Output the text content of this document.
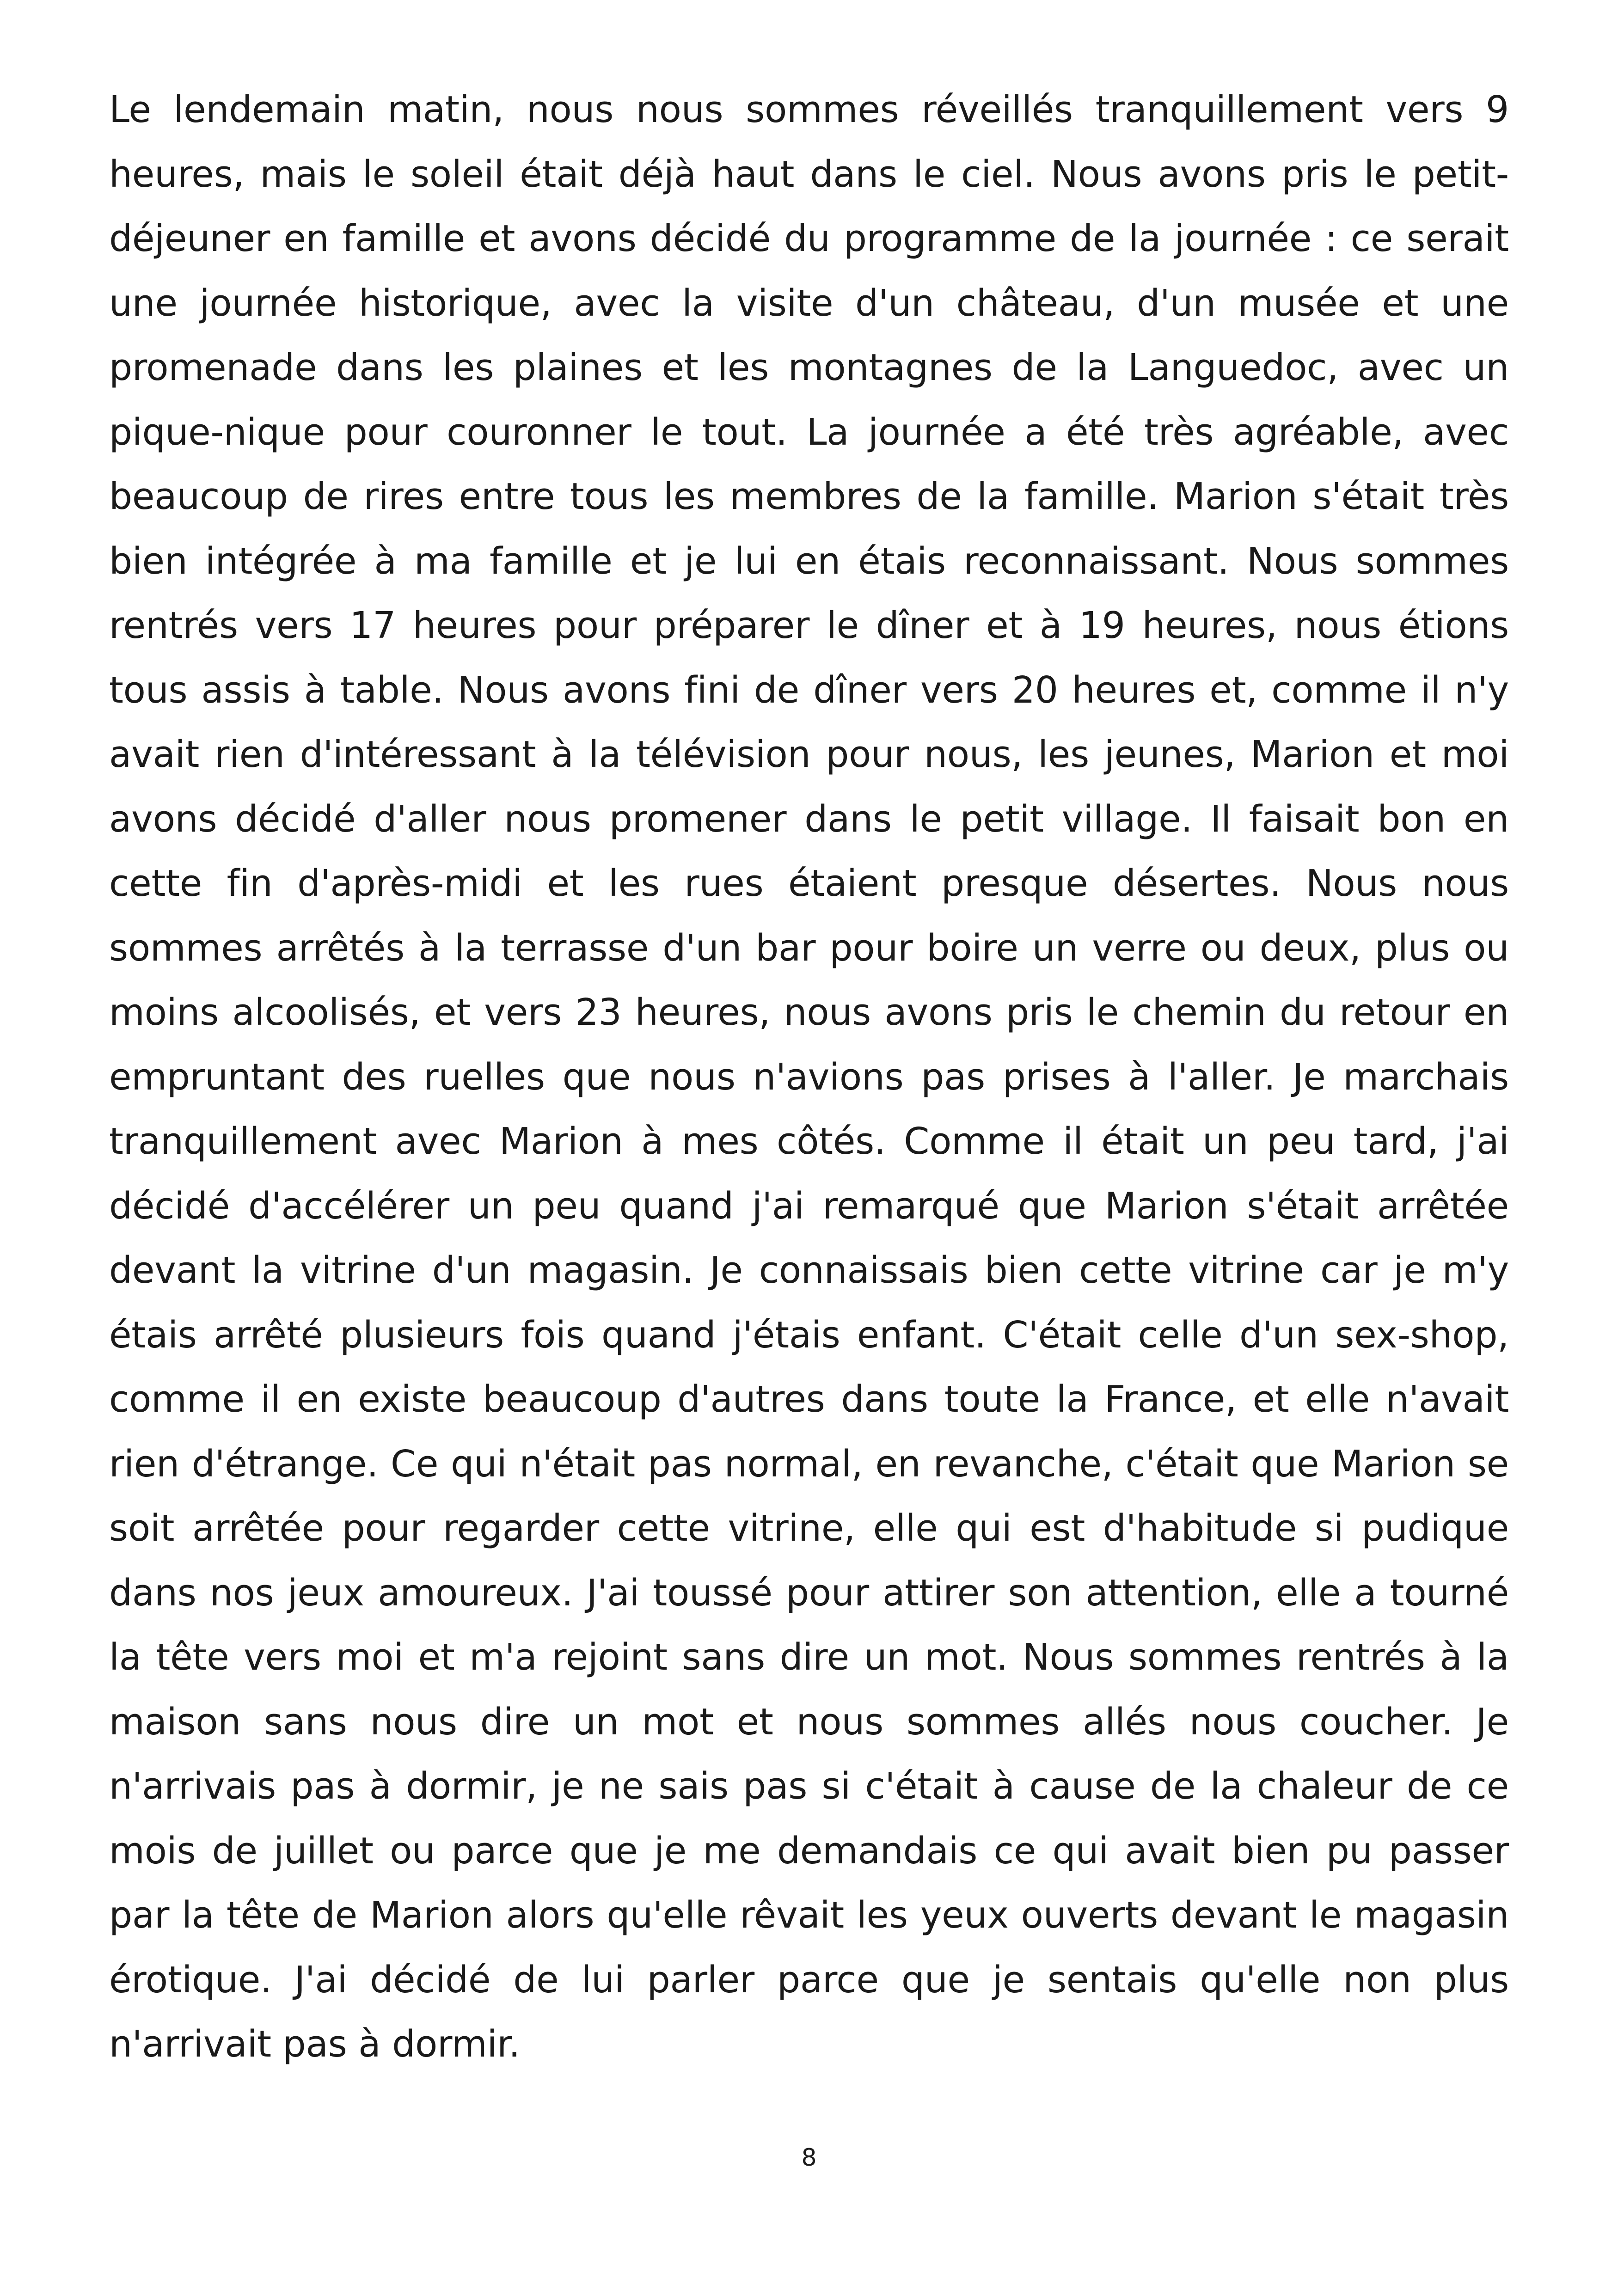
Le lendemain matin, nous nous sommes réveillés tranquillement vers 9 heures, mais le soleil était déjà haut dans le ciel. Nous avons pris le petit-déjeuner en famille et avons décidé du programme de la journée : ce serait une journée historique, avec la visite d'un château, d'un musée et une promenade dans les plaines et les montagnes de la Languedoc, avec un pique-nique pour couronner le tout. La journée a été très agréable, avec beaucoup de rires entre tous les membres de la famille. Marion s'était très bien intégrée à ma famille et je lui en étais reconnaissant. Nous sommes rentrés vers 17 heures pour préparer le dîner et à 19 heures, nous étions tous assis à table. Nous avons fini de dîner vers 20 heures et, comme il n'y avait rien d'intéressant à la télévision pour nous, les jeunes, Marion et moi avons décidé d'aller nous promener dans le petit village. Il faisait bon en cette fin d'après-midi et les rues étaient presque désertes. Nous nous sommes arrêtés à la terrasse d'un bar pour boire un verre ou deux, plus ou moins alcoolisés, et vers 23 heures, nous avons pris le chemin du retour en empruntant des ruelles que nous n'avions pas prises à l'aller. Je marchais tranquillement avec Marion à mes côtés. Comme il était un peu tard, j'ai décidé d'accélérer un peu quand j'ai remarqué que Marion s'était arrêtée devant la vitrine d'un magasin. Je connaissais bien cette vitrine car je m'y étais arrêté plusieurs fois quand j'étais enfant. C'était celle d'un sex-shop, comme il en existe beaucoup d'autres dans toute la France, et elle n'avait rien d'étrange. Ce qui n'était pas normal, en revanche, c'était que Marion se soit arrêtée pour regarder cette vitrine, elle qui est d'habitude si pudique dans nos jeux amoureux. J'ai toussé pour attirer son attention, elle a tourné la tête vers moi et m'a rejoint sans dire un mot. Nous sommes rentrés à la maison sans nous dire un mot et nous sommes allés nous coucher. Je n'arrivais pas à dormir, je ne sais pas si c'était à cause de la chaleur de ce mois de juillet ou parce que je me demandais ce qui avait bien pu passer par la tête de Marion alors qu'elle rêvait les yeux ouverts devant le magasin érotique. J'ai décidé de lui parler parce que je sentais qu'elle non plus n'arrivait pas à dormir.

8
